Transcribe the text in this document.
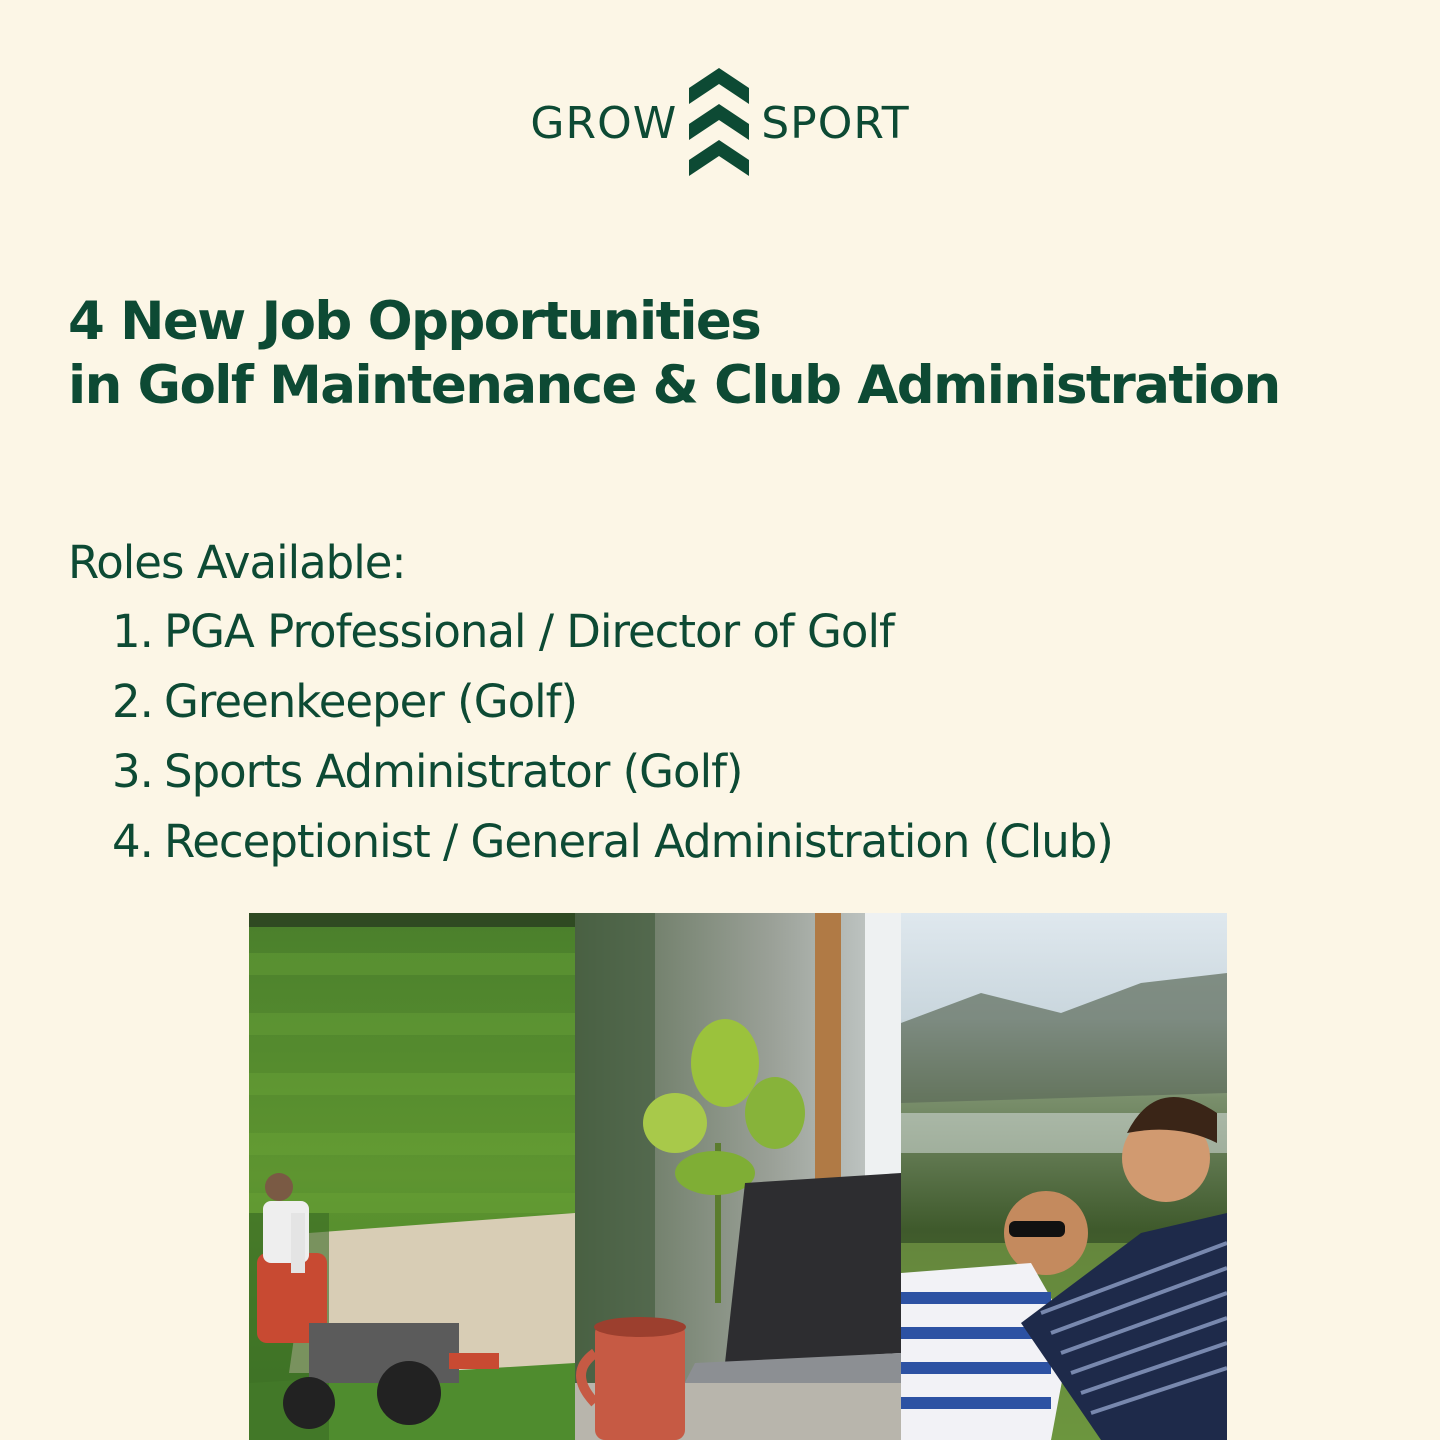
GROW SPORT
4 New Job Opportunities
in Golf Maintenance & Club Administration
Roles Available:
1. PGA Professional / Director of Golf
2. Greenkeeper (Golf)
3. Sports Administrator (Golf)
4. Receptionist / General Administration (Club)
